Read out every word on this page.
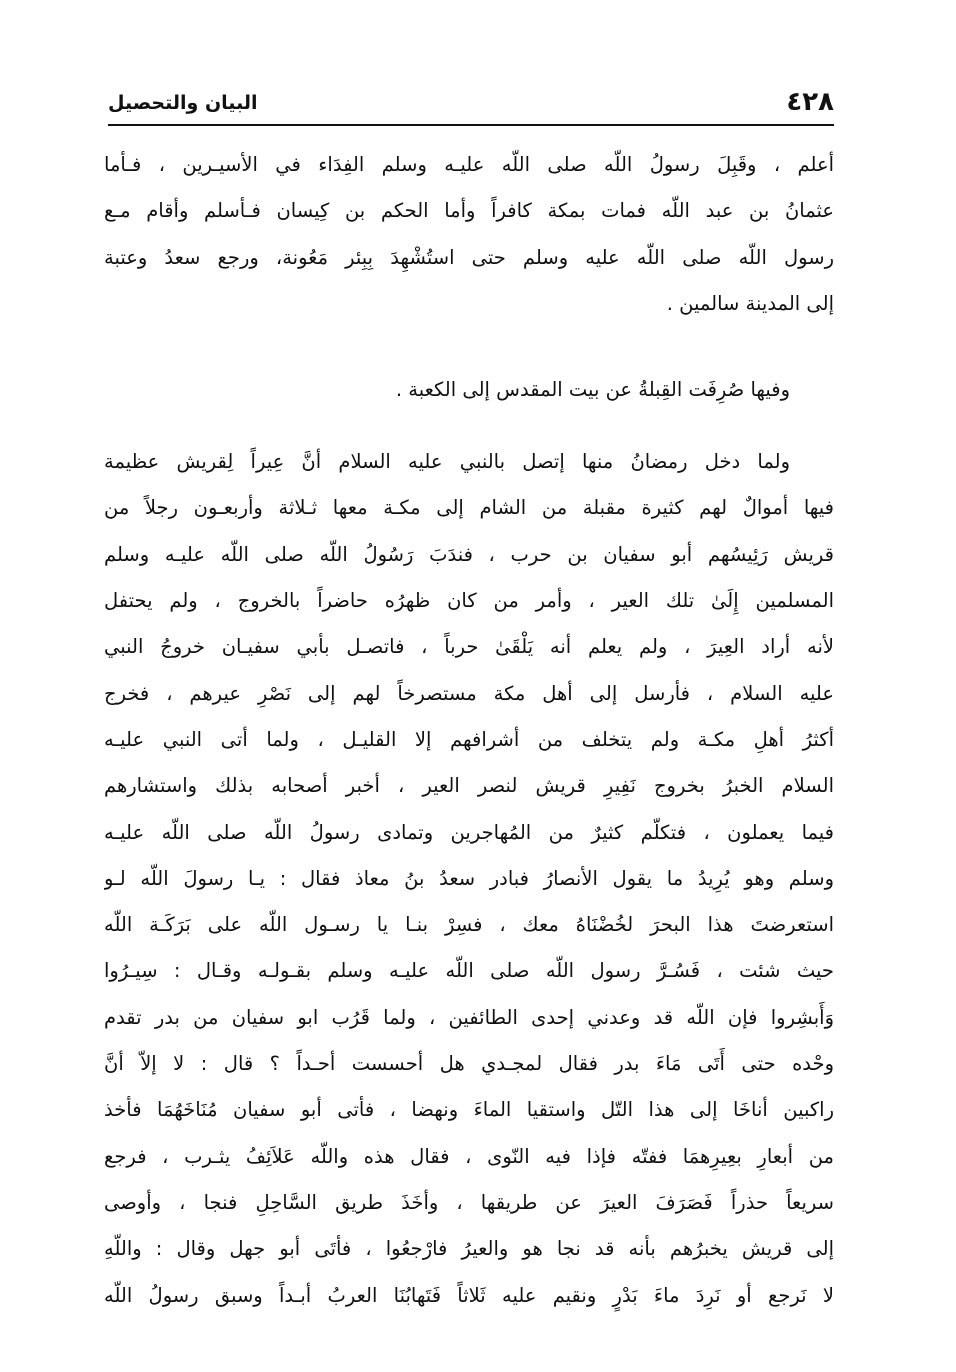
٤٢٨
البيان والتحصيل
أعلم ، وقَبِلَ رسولُ اللّه صلى اللّه عليـه وسلم الفِدَاء في الأسيـرين ، فـأما
عثمانُ بن عبد اللّه فمات بمكة كافراً وأما الحكم بن كِيسان فـأسلم وأقام مـع
رسول اللّه صلى اللّه عليه وسلم حتى استُشْهِدَ بِبِئر مَعُونة، ورجع سعدُ وعتبة
إلى المدينة سالمين .
وفيها صُرِفَت القِبلةُ عن بيت المقدس إلى الكعبة .
ولما دخل رمضانُ منها إتصل بالنبي عليه السلام أنَّ عِيراً لِقريش عظيمة
فيها أموالٌ لهم كثيرة مقبلة من الشام إلى مكـة معها ثـلاثة وأربعـون رجلاً من
قريش رَئِيسُهم أبو سفيان بن حرب ، فندَبَ رَسُولُ اللّه صلى اللّه عليـه وسلم
المسلمين إِلَىٰ تلك العير ، وأمر من كان ظهرُه حاضراً بالخروج ، ولم يحتفل
لأنه أراد العِيرَ ، ولم يعلم أنه يَلْقَىٰ حرباً ، فاتصـل بأبي سفيـان خروجُ النبي
عليه السلام ، فأرسل إلى أهل مكة مستصرخاً لهم إلى نَصْرِ عيرهم ، فخرج
أكثرُ أهلِ مكـة ولم يتخلف من أشرافهم إلا القليـل ، ولما أتى النبي عليـه
السلام الخبرُ بخروج نَفِيرِ قريش لنصر العير ، أخبر أصحابه بذلك واستشارهم
فيما يعملون ، فتكلّم كثيرٌ من المُهاجرين وتمادى رسولُ اللّه صلى اللّه عليـه
وسلم وهو يُرِيدُ ما يقول الأنصارُ فبادر سعدُ بنُ معاذ فقال : يـا رسولَ اللّه لـو
استعرضتَ هذا البحرَ لخُضْنَاهُ معك ، فسِرْ بنـا يا رسـول اللّه على بَرَكَـة اللّه
حيث شئت ، فَسُـرَّ رسول اللّه صلى اللّه عليـه وسلم بقـولـه وقـال : سِيـرُوا
وَأَبشِروا فإن اللّه قد وعدني إحدى الطائفين ، ولما قَرُب ابو سفيان من بدر تقدم
وحْده حتى أَتَى مَاءَ بدر فقال لمجـدي هل أحسست أحـداً ؟ قال : لا إلاّ أنَّ
راكبين أناخَا إلى هذا التّل واستقيا الماءَ ونهضا ، فأتى أبو سفيان مُنَاخَهُمَا فأخذ
من أبعارِ بعِيرِهمَا ففتّه فإذا فيه النّوى ، فقال هذه واللّه عَلاَئِفُ يثـرب ، فرجع
سريعاً حذراً فَصَرَفَ العيرَ عن طريقها ، وأخَذَ طريق السَّاحِلِ فنجا ، وأوصى
إلى قريش يخبرُهم بأنه قد نجا هو والعيرُ فارْجعُوا ، فأتَى أبو جهل وقال : واللّهِ
لا نَرجع أو نَرِدَ ماءَ بَدْرٍ ونقيم عليه ثَلاثاً فَتَهابُنَا العربُ أبـداً وسبق رسولُ اللّه
